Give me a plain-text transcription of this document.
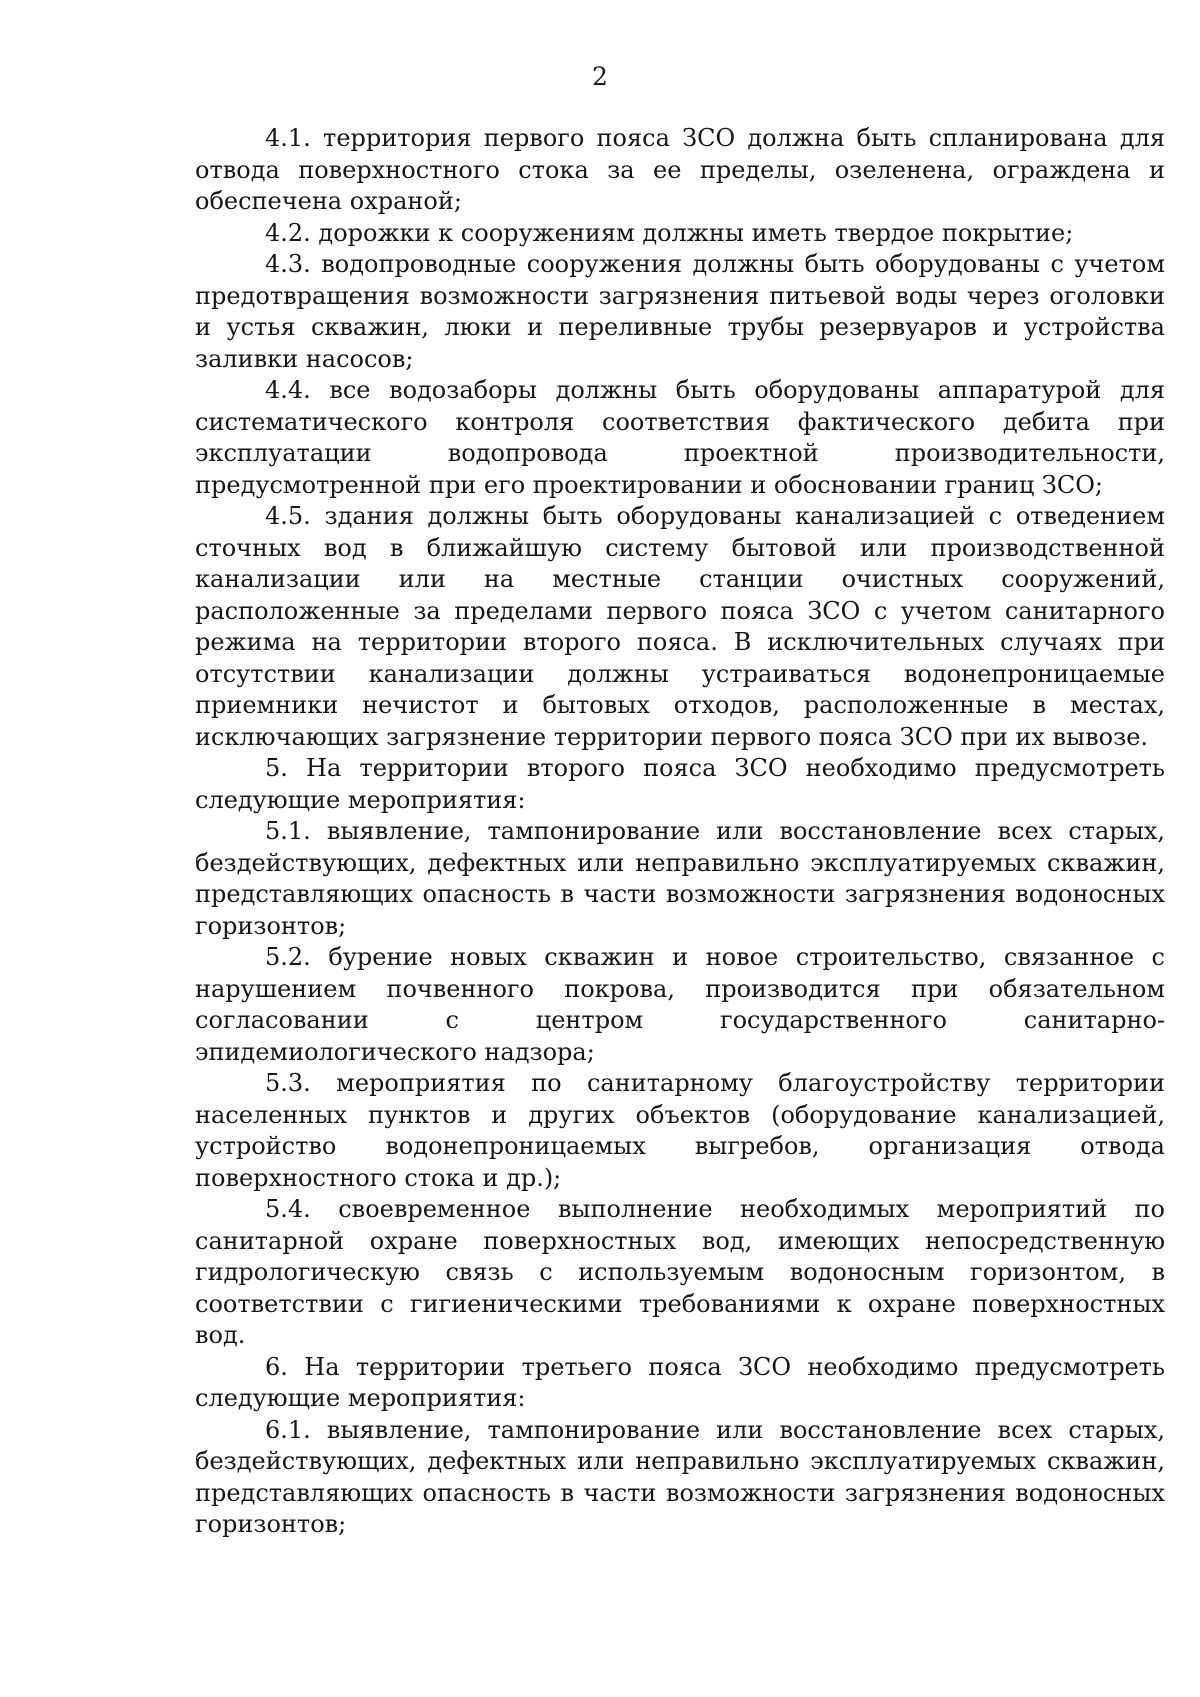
2

4.1. территория первого пояса ЗСО должна быть спланирована для отвода поверхностного стока за ее пределы, озеленена, ограждена и обеспечена охраной;

4.2. дорожки к сооружениям должны иметь твердое покрытие;

4.3. водопроводные сооружения должны быть оборудованы с учетом предотвращения возможности загрязнения питьевой воды через оголовки и устья скважин, люки и переливные трубы резервуаров и устройства заливки насосов;

4.4. все водозаборы должны быть оборудованы аппаратурой для систематического контроля соответствия фактического дебита при эксплуатации водопровода проектной производительности, предусмотренной при его проектировании и обосновании границ ЗСО;

4.5. здания должны быть оборудованы канализацией с отведением сточных вод в ближайшую систему бытовой или производственной канализации или на местные станции очистных сооружений, расположенные за пределами первого пояса ЗСО с учетом санитарного режима на территории второго пояса. В исключительных случаях при отсутствии канализации должны устраиваться водонепроницаемые приемники нечистот и бытовых отходов, расположенные в местах, исключающих загрязнение территории первого пояса ЗСО при их вывозе.

5. На территории второго пояса ЗСО необходимо предусмотреть следующие мероприятия:

5.1. выявление, тампонирование или восстановление всех старых, бездействующих, дефектных или неправильно эксплуатируемых скважин, представляющих опасность в части возможности загрязнения водоносных горизонтов;

5.2. бурение новых скважин и новое строительство, связанное с нарушением почвенного покрова, производится при обязательном согласовании с центром государственного санитарно-эпидемиологического надзора;

5.3. мероприятия по санитарному благоустройству территории населенных пунктов и других объектов (оборудование канализацией, устройство водонепроницаемых выгребов, организация отвода поверхностного стока и др.);

5.4. своевременное выполнение необходимых мероприятий по санитарной охране поверхностных вод, имеющих непосредственную гидрологическую связь с используемым водоносным горизонтом, в соответствии с гигиеническими требованиями к охране поверхностных вод.

6. На территории третьего пояса ЗСО необходимо предусмотреть следующие мероприятия:

6.1. выявление, тампонирование или восстановление всех старых, бездействующих, дефектных или неправильно эксплуатируемых скважин, представляющих опасность в части возможности загрязнения водоносных горизонтов;
